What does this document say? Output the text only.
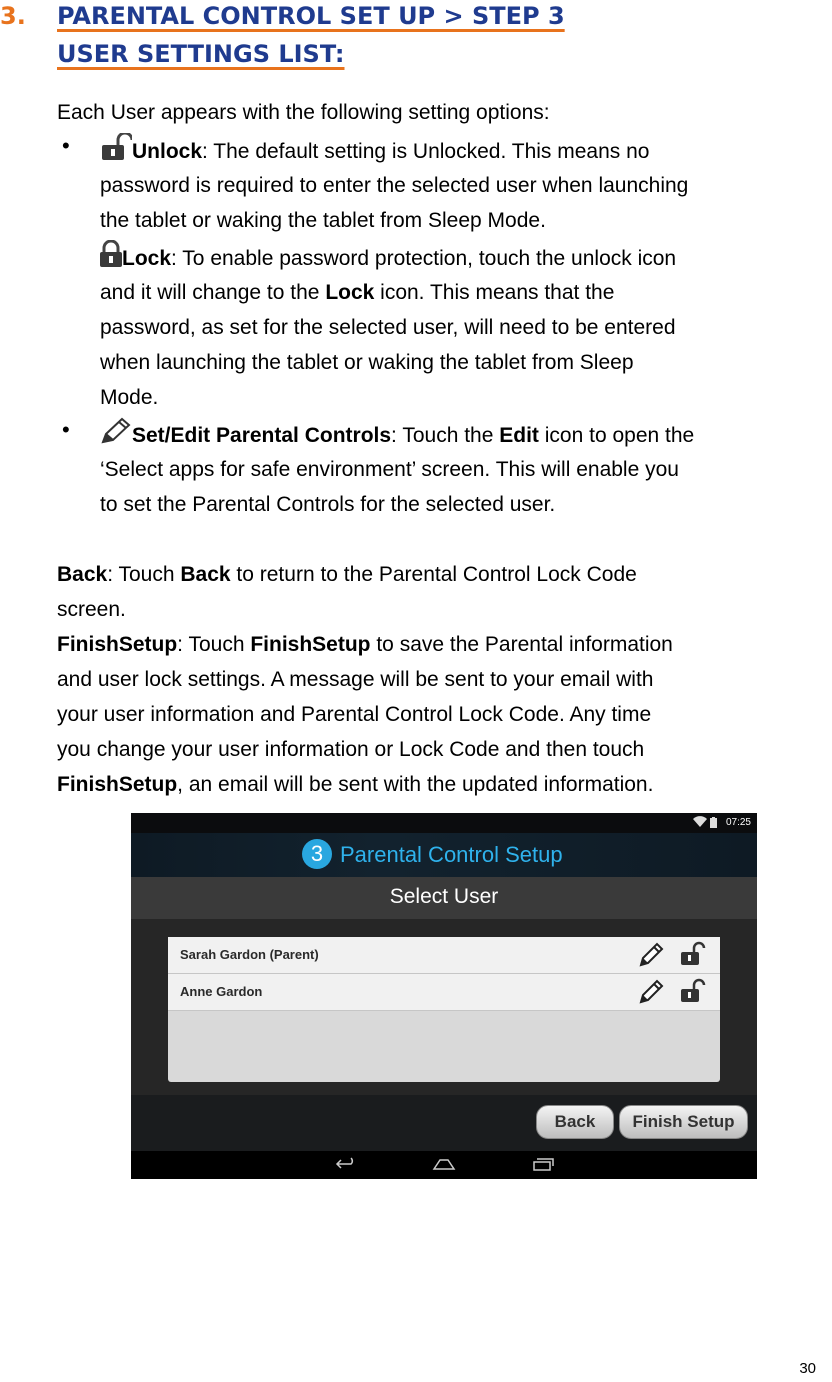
3. PARENTAL CONTROL SET UP > STEP 3
USER SETTINGS LIST:
Each User appears with the following setting options:
•	Unlock: The default setting is Unlocked. This means no
password is required to enter the selected user when launching
the tablet or waking the tablet from Sleep Mode.
Lock: To enable password protection, touch the unlock icon
and it will change to the Lock icon. This means that the
password, as set for the selected user, will need to be entered
when launching the tablet or waking the tablet from Sleep
Mode.
•	Set/Edit Parental Controls: Touch the Edit icon to open the
‘Select apps for safe environment’ screen. This will enable you
to set the Parental Controls for the selected user.
Back: Touch Back to return to the Parental Control Lock Code
screen.
FinishSetup: Touch FinishSetup to save the Parental information
and user lock settings. A message will be sent to your email with
your user information and Parental Control Lock Code. Any time
you change your user information or Lock Code and then touch
FinishSetup, an email will be sent with the updated information.
07:25
3 Parental Control Setup
Select User
Sarah Gardon (Parent)
Anne Gardon
Back	Finish Setup
30
